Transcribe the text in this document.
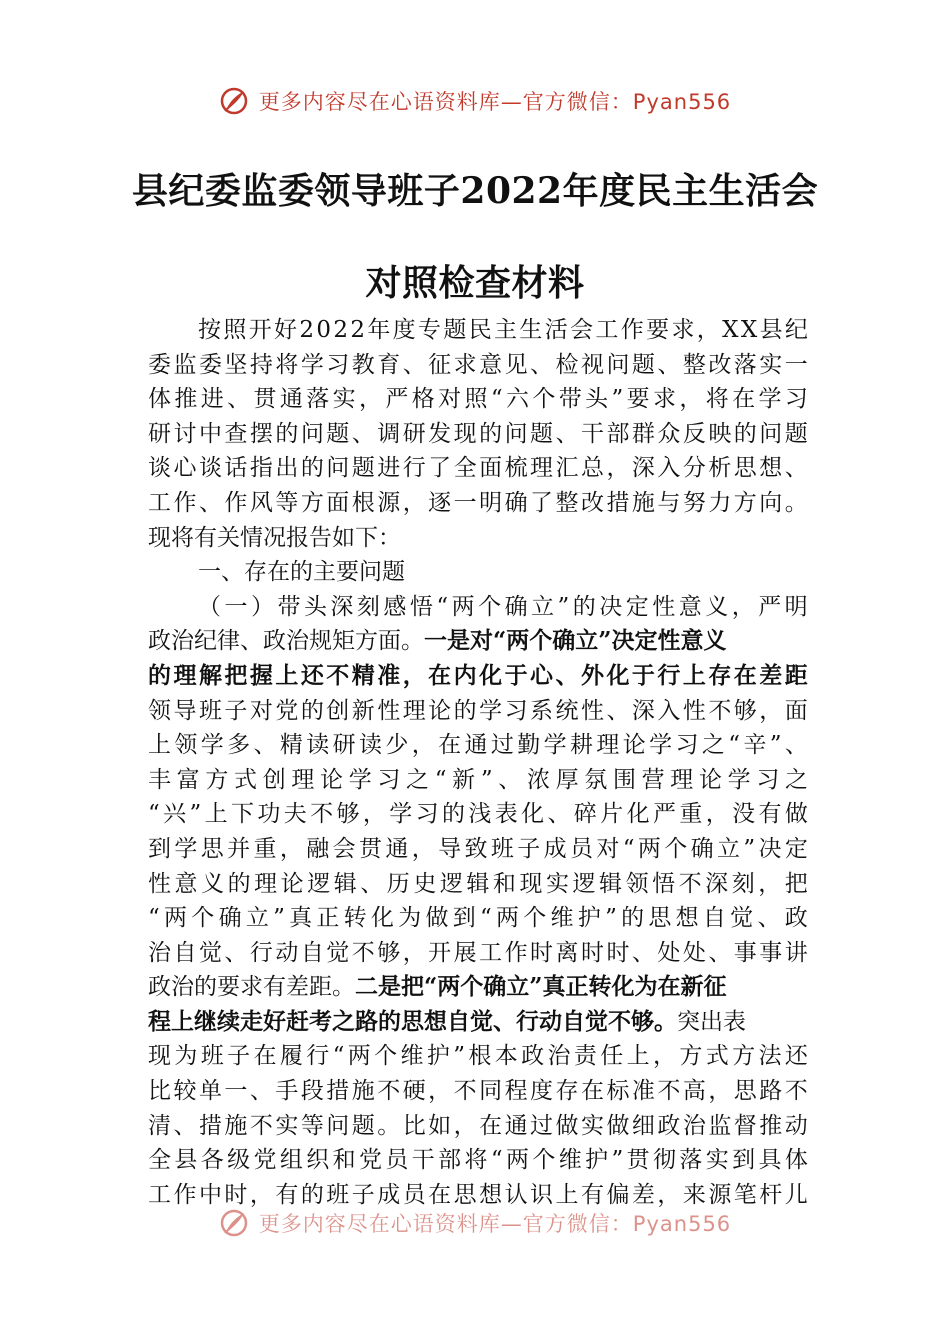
更多内容尽在心语资料库—官方微信：Pyan556
县纪委监委领导班子2022年度民主生活会
对照检查材料
按 照 开 好 2 0 2 2 年 度 专 题 民 主 生 活 会 工 作 要 求 ， X X 县 纪
委 监 委 坚 持 将 学 习 教 育 、 征 求 意 见 、 检 视 问 题 、 整 改 落 实 一
体 推 进 、 贯 通 落 实 ， 严 格 对 照 “ 六 个 带 头 ” 要 求 ， 将 在 学 习
研 讨 中 查 摆 的 问 题 、 调 研 发 现 的 问 题 、 干 部 群 众 反 映 的 问 题
谈 心 谈 话 指 出 的 问 题 进 行 了 全 面 梳 理 汇 总 ， 深 入 分 析 思 想 、
工 作 、 作 风 等 方 面 根 源 ， 逐 一 明 确 了 整 改 措 施 与 努 力 方 向 。
现将有关情况报告如下：
一、存在的主要问题
（ 一 ） 带 头 深 刻 感 悟 “ 两 个 确 立 ” 的 决 定 性 意 义 ， 严 明
政治纪律、政治规矩方面。 一是对“两个确立”决定性意义
的 理 解 把 握 上 还 不 精 准 ， 在 内 化 于 心 、 外 化 于 行 上 存 在 差 距
领 导 班 子 对 党 的 创 新 性 理 论 的 学 习 系 统 性 、 深 入 性 不 够 ， 面
上 领 学 多 、 精 读 研 读 少 ， 在 通 过 勤 学 耕 理 论 学 习 之 “ 辛 ” 、
丰 富 方 式 创 理 论 学 习 之 “ 新 ” 、 浓 厚 氛 围 营 理 论 学 习 之
“ 兴 ” 上 下 功 夫 不 够 ， 学 习 的 浅 表 化 、 碎 片 化 严 重 ， 没 有 做
到 学 思 并 重 ， 融 会 贯 通 ， 导 致 班 子 成 员 对 “ 两 个 确 立 ” 决 定
性 意 义 的 理 论 逻 辑 、 历 史 逻 辑 和 现 实 逻 辑 领 悟 不 深 刻 ， 把
“ 两 个 确 立 ” 真 正 转 化 为 做 到 “ 两 个 维 护 ” 的 思 想 自 觉 、 政
治 自 觉 、 行 动 自 觉 不 够 ， 开 展 工 作 时 离 时 时 、 处 处 、 事 事 讲
政治的要求有差距。 二是把“两个确立”真正转化为在新征
程上继续走好赶考之路的思想自觉、行动自觉不够。 突出表
现 为 班 子 在 履 行 “ 两 个 维 护 ” 根 本 政 治 责 任 上 ， 方 式 方 法 还
比 较 单 一 、 手 段 措 施 不 硬 ， 不 同 程 度 存 在 标 准 不 高 ， 思 路 不
清 、 措 施 不 实 等 问 题 。 比 如 ， 在 通 过 做 实 做 细 政 治 监 督 推 动
全 县 各 级 党 组 织 和 党 员 干 部 将 “ 两 个 维 护 ” 贯 彻 落 实 到 具 体
工 作 中 时 ， 有 的 班 子 成 员 在 思 想 认 识 上 有 偏 差 ， 来 源 笔 杆 儿
更多内容尽在心语资料库—官方微信：Pyan556
